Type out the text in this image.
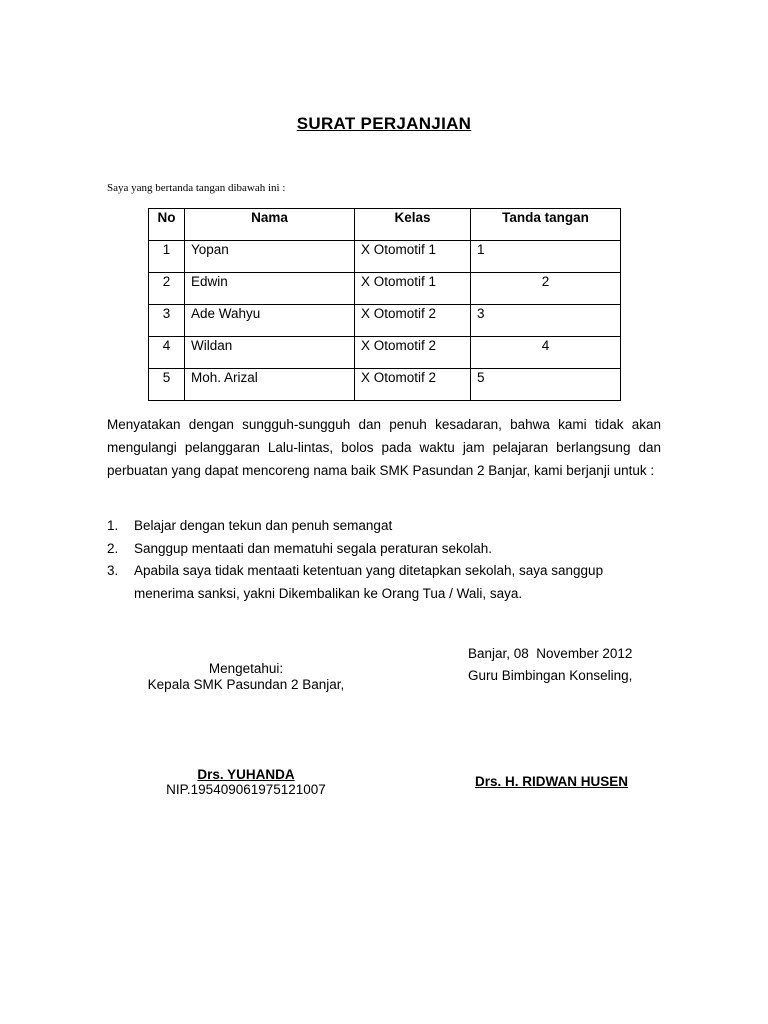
SURAT PERJANJIAN
Saya yang bertanda tangan dibawah ini :
No	Nama	Kelas	Tanda tangan
1	Yopan	X Otomotif 1	1
2	Edwin	X Otomotif 1	2
3	Ade Wahyu	X Otomotif 2	3
4	Wildan	X Otomotif 2	4
5	Moh. Arizal	X Otomotif 2	5
Menyatakan dengan sungguh-sungguh dan penuh kesadaran, bahwa kami tidak akan mengulangi pelanggaran Lalu-lintas, bolos pada waktu jam pelajaran berlangsung dan perbuatan yang dapat mencoreng nama baik SMK Pasundan 2 Banjar, kami berjanji untuk :
1. Belajar dengan tekun dan penuh semangat
2. Sanggup mentaati dan mematuhi segala peraturan sekolah.
3. Apabila saya tidak mentaati ketentuan yang ditetapkan sekolah, saya sanggup menerima sanksi, yakni Dikembalikan ke Orang Tua / Wali, saya.
Banjar, 08  November 2012
Guru Bimbingan Konseling,
Mengetahui:
Kepala SMK Pasundan 2 Banjar,
Drs. YUHANDA
NIP.195409061975121007
Drs. H. RIDWAN HUSEN
